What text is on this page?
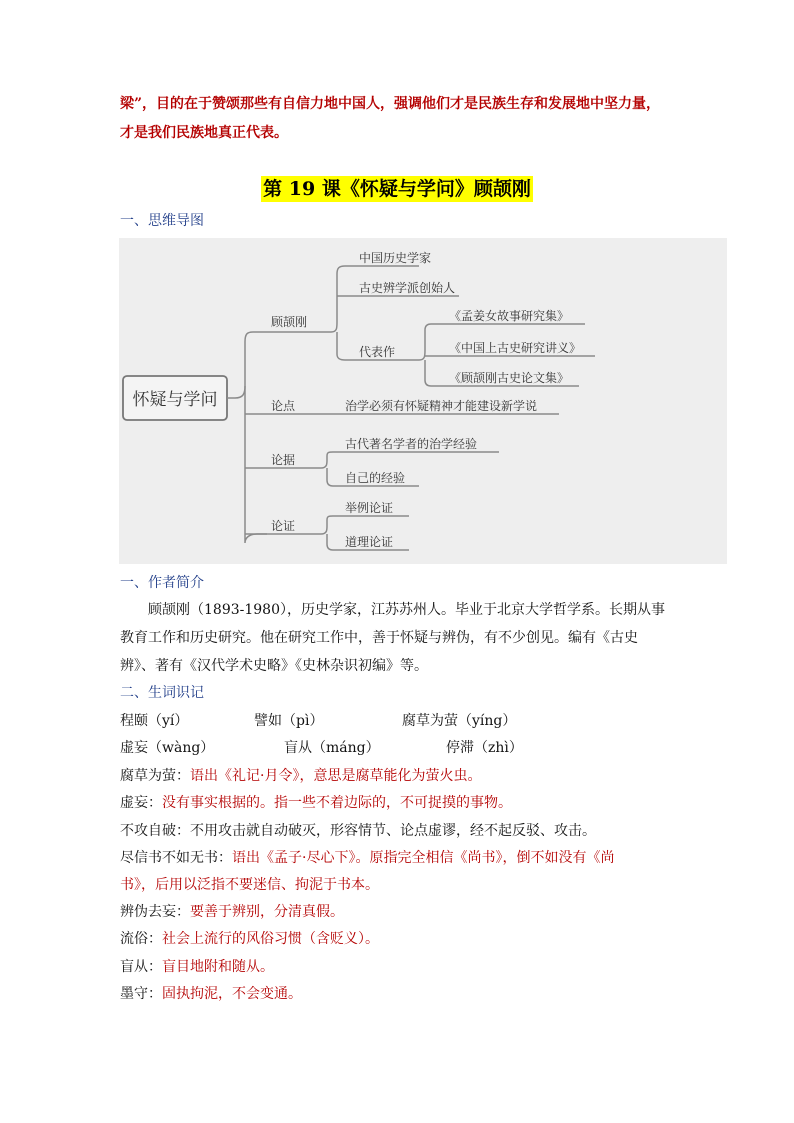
梁”，目的在于赞颂那些有自信力地中国人，强调他们才是民族生存和发展地中坚力量，
才是我们民族地真正代表。
第 19 课《怀疑与学问》顾颉刚
一、思维导图
怀疑与学问
顾颉刚
中国历史学家
古史辨学派创始人
代表作
《孟姜女故事研究集》
《中国上古史研究讲义》
《顾颉刚古史论文集》
论点	治学必须有怀疑精神才能建设新学说
论据
古代著名学者的治学经验
自己的经验
论证
举例论证
道理论证
一、作者简介
顾颉刚（1893-1980），历史学家，江苏苏州人。毕业于北京大学哲学系。长期从事
教育工作和历史研究。他在研究工作中，善于怀疑与辨伪，有不少创见。编有《古史
辨》、著有《汉代学术史略》《史林杂识初编》等。
二、生词识记
程颐（yí）	譬如（pì）	腐草为萤（yíng）
虚妄（wàng）	盲从（máng）	停滞（zhì）
腐草为萤：语出《礼记·月令》，意思是腐草能化为萤火虫。
虚妄：没有事实根据的。指一些不着边际的，不可捉摸的事物。
不攻自破：不用攻击就自动破灭，形容情节、论点虚谬，经不起反驳、攻击。
尽信书不如无书：语出《孟子·尽心下》。原指完全相信《尚书》，倒不如没有《尚
书》，后用以泛指不要迷信、拘泥于书本。
辨伪去妄：要善于辨别，分清真假。
流俗：社会上流行的风俗习惯（含贬义）。
盲从：盲目地附和随从。
墨守：固执拘泥，不会变通。
